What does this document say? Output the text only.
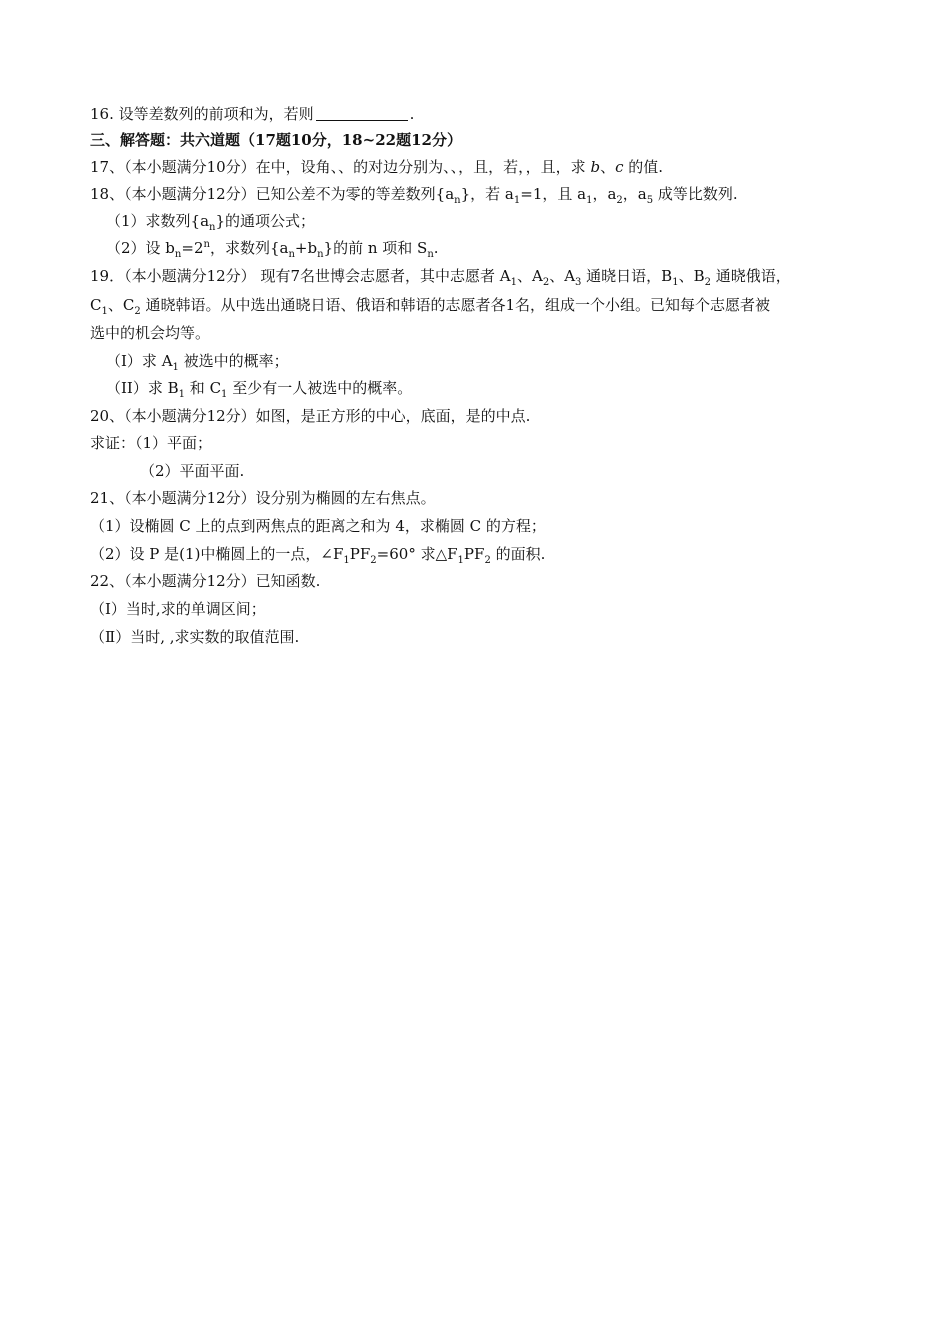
16. 设等差数列的前项和为，若则	.
三、解答题：共六道题（17题10分，18~22题12分）
17、（本小题满分10分）在中，设角、、的对边分别为、、，且，若，，且，求 b、c 的值.
18、（本小题满分12分）已知公差不为零的等差数列$\{a_n\}$，若 $a_1=1$，且 $a_1$，$a_2$，$a_5$ 成等比数列.
（1）求数列$\{a_n\}$的通项公式；
（2）设 $b_n=2^n$，求数列$\{a_n+b_n\}$的前 n 项和 $S_n$.
19．（本小题满分12分） 现有7名世博会志愿者，其中志愿者 $A_1$、$A_2$、$A_3$ 通晓日语，$B_1$、$B_2$ 通晓俄语，
$C_1$、$C_2$ 通晓韩语。从中选出通晓日语、俄语和韩语的志愿者各1名，组成一个小组。已知每个志愿者被
选中的机会均等。
（I）求 $A_1$ 被选中的概率；
（II）求 $B_1$ 和 $C_1$ 至少有一人被选中的概率。
20、（本小题满分12分）如图，是正方形的中心，底面，是的中点.
求证：（1）平面；
（2）平面平面.
21、（本小题满分12分）设分别为椭圆的左右焦点。
（1）设椭圆 C 上的点到两焦点的距离之和为 4，求椭圆 C 的方程；
（2）设 P 是(1)中椭圆上的一点，$\angle F_1PF_2=60^\circ$ 求$\triangle F_1PF_2$ 的面积.
22、（本小题满分12分）已知函数.
（Ⅰ）当时,求的单调区间；
（Ⅱ）当时, ,求实数的取值范围.
